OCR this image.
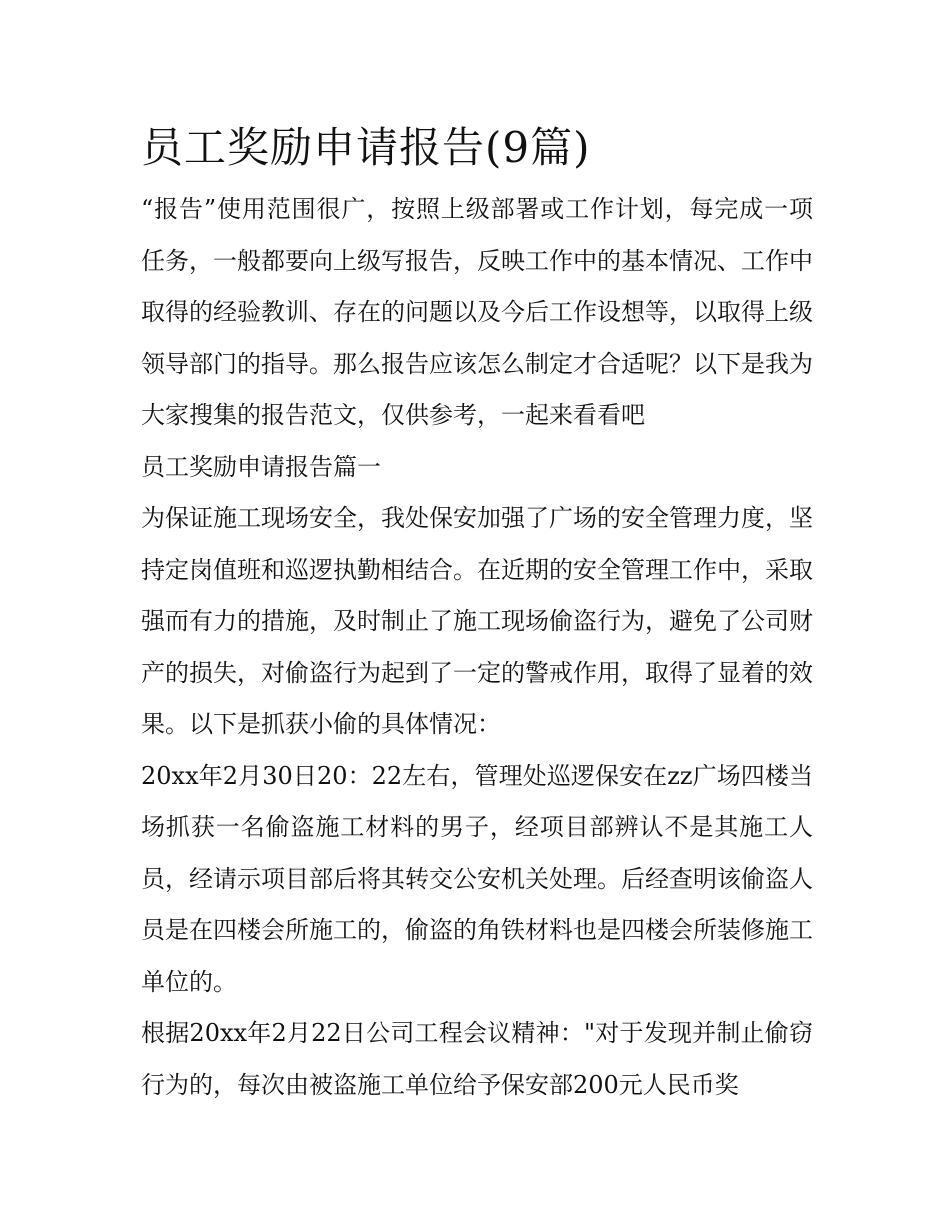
员工奖励申请报告(9篇)

“报告”使用范围很广，按照上级部署或工作计划，每完成一项任务，一般都要向上级写报告，反映工作中的基本情况、工作中取得的经验教训、存在的问题以及今后工作设想等，以取得上级领导部门的指导。那么报告应该怎么制定才合适呢？以下是我为大家搜集的报告范文，仅供参考，一起来看看吧

员工奖励申请报告篇一

为保证施工现场安全，我处保安加强了广场的安全管理力度，坚持定岗值班和巡逻执勤相结合。在近期的安全管理工作中，采取强而有力的措施，及时制止了施工现场偷盗行为，避免了公司财产的损失，对偷盗行为起到了一定的警戒作用，取得了显着的效果。以下是抓获小偷的具体情况：

20xx年2月30日20：22左右，管理处巡逻保安在zz广场四楼当场抓获一名偷盗施工材料的男子，经项目部辨认不是其施工人员，经请示项目部后将其转交公安机关处理。后经查明该偷盗人员是在四楼会所施工的，偷盗的角铁材料也是四楼会所装修施工单位的。

根据20xx年2月22日公司工程会议精神："对于发现并制止偷窃行为的，每次由被盗施工单位给予保安部200元人民币奖
